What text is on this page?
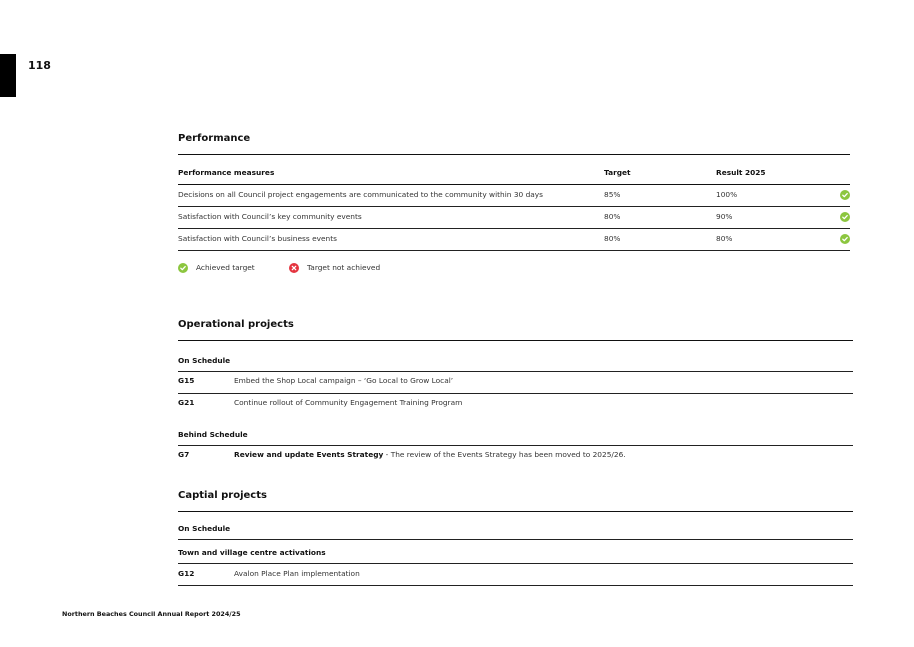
118
Performance
Performance measures	Target	Result 2025
Decisions on all Council project engagements are communicated to the community within 30 days	85%	100%
Satisfaction with Council’s key community events	80%	90%
Satisfaction with Council’s business events	80%	80%
Achieved target	Target not achieved
Operational projects
On Schedule
G15	Embed the Shop Local campaign – ‘Go Local to Grow Local’
G21	Continue rollout of Community Engagement Training Program
Behind Schedule
G7	Review and update Events Strategy - The review of the Events Strategy has been moved to 2025/26.
Captial projects
On Schedule
Town and village centre activations
G12	Avalon Place Plan implementation
Northern Beaches Council Annual Report 2024/25
